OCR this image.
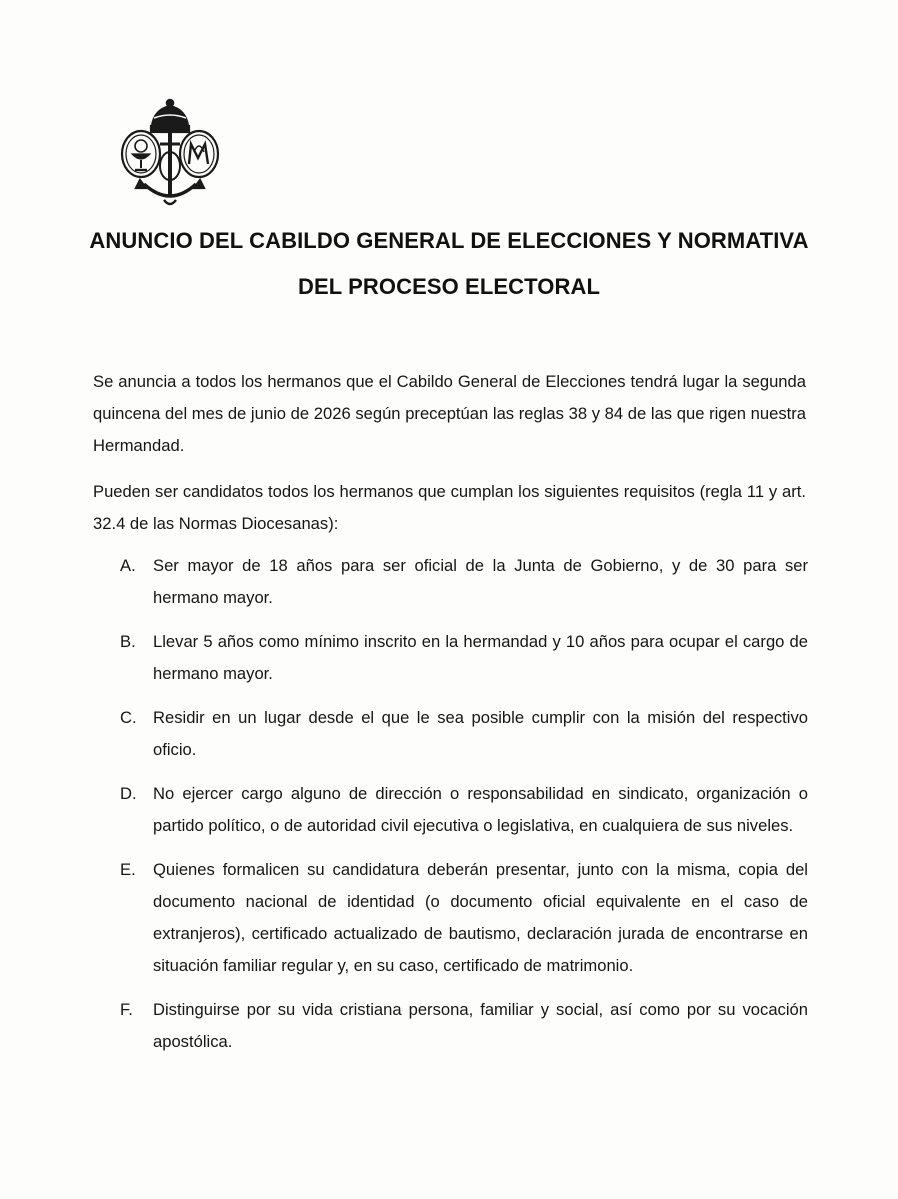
ANUNCIO DEL CABILDO GENERAL DE ELECCIONES Y NORMATIVA
DEL PROCESO ELECTORAL
Se anuncia a todos los hermanos que el Cabildo General de Elecciones tendrá lugar la segunda quincena del mes de junio de 2026 según preceptúan las reglas 38 y 84 de las que rigen nuestra Hermandad.
Pueden ser candidatos todos los hermanos que cumplan los siguientes requisitos (regla 11 y art. 32.4 de las Normas Diocesanas):
A. Ser mayor de 18 años para ser oficial de la Junta de Gobierno, y de 30 para ser hermano mayor.
B. Llevar 5 años como mínimo inscrito en la hermandad y 10 años para ocupar el cargo de hermano mayor.
C. Residir en un lugar desde el que le sea posible cumplir con la misión del respectivo oficio.
D. No ejercer cargo alguno de dirección o responsabilidad en sindicato, organización o partido político, o de autoridad civil ejecutiva o legislativa, en cualquiera de sus niveles.
E. Quienes formalicen su candidatura deberán presentar, junto con la misma, copia del documento nacional de identidad (o documento oficial equivalente en el caso de extranjeros), certificado actualizado de bautismo, declaración jurada de encontrarse en situación familiar regular y, en su caso, certificado de matrimonio.
F. Distinguirse por su vida cristiana persona, familiar y social, así como por su vocación apostólica.
